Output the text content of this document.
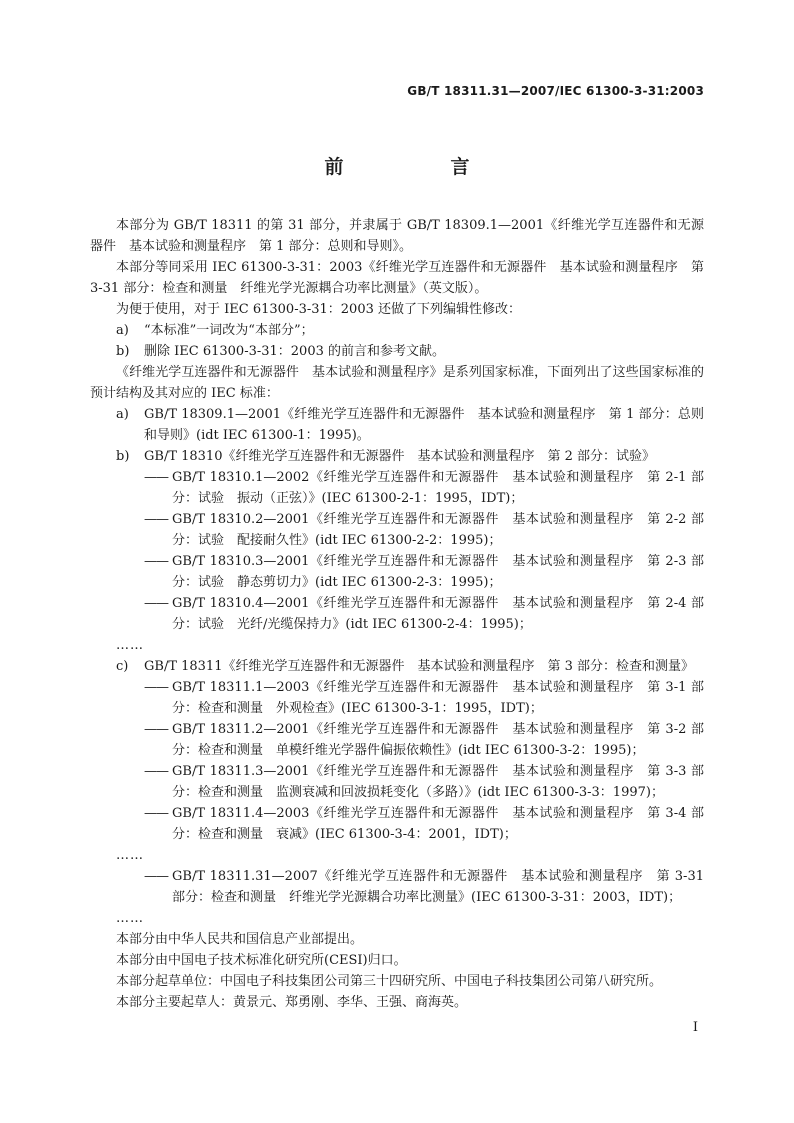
GB/T 18311.31—2007/IEC 61300-3-31:2003
前　言
本部分为 GB/T 18311 的第 31 部分，并隶属于 GB/T 18309.1—2001《纤维光学互连器件和无源器件　基本试验和测量程序　第 1 部分：总则和导则》。
本部分等同采用 IEC 61300-3-31：2003《纤维光学互连器件和无源器件　基本试验和测量程序　第 3-31 部分：检查和测量　纤维光学光源耦合功率比测量》（英文版）。
为便于使用，对于 IEC 61300-3-31：2003 还做了下列编辑性修改：
a)	“本标准”一词改为“本部分”；
b)	删除 IEC 61300-3-31：2003 的前言和参考文献。
《纤维光学互连器件和无源器件　基本试验和测量程序》是系列国家标准，下面列出了这些国家标准的预计结构及其对应的 IEC 标准：
a)	GB/T 18309.1—2001《纤维光学互连器件和无源器件　基本试验和测量程序　第 1 部分：总则和导则》(idt IEC 61300-1：1995)。
b)	GB/T 18310《纤维光学互连器件和无源器件　基本试验和测量程序　第 2 部分：试验》
—— GB/T 18310.1—2002《纤维光学互连器件和无源器件　基本试验和测量程序　第 2-1 部分：试验　振动（正弦）》(IEC 61300-2-1：1995，IDT)；
—— GB/T 18310.2—2001《纤维光学互连器件和无源器件　基本试验和测量程序　第 2-2 部分：试验　配接耐久性》(idt IEC 61300-2-2：1995)；
—— GB/T 18310.3—2001《纤维光学互连器件和无源器件　基本试验和测量程序　第 2-3 部分：试验　静态剪切力》(idt IEC 61300-2-3：1995)；
—— GB/T 18310.4—2001《纤维光学互连器件和无源器件　基本试验和测量程序　第 2-4 部分：试验　光纤/光缆保持力》(idt IEC 61300-2-4：1995)；
……
c)	GB/T 18311《纤维光学互连器件和无源器件　基本试验和测量程序　第 3 部分：检查和测量》
—— GB/T 18311.1—2003《纤维光学互连器件和无源器件　基本试验和测量程序　第 3-1 部分：检查和测量　外观检查》(IEC 61300-3-1：1995，IDT)；
—— GB/T 18311.2—2001《纤维光学互连器件和无源器件　基本试验和测量程序　第 3-2 部分：检查和测量　单模纤维光学器件偏振依赖性》(idt IEC 61300-3-2：1995)；
—— GB/T 18311.3—2001《纤维光学互连器件和无源器件　基本试验和测量程序　第 3-3 部分：检查和测量　监测衰减和回波损耗变化（多路）》(idt IEC 61300-3-3：1997)；
—— GB/T 18311.4—2003《纤维光学互连器件和无源器件　基本试验和测量程序　第 3-4 部分：检查和测量　衰减》(IEC 61300-3-4：2001，IDT)；
……
—— GB/T 18311.31—2007《纤维光学互连器件和无源器件　基本试验和测量程序　第 3-31 部分：检查和测量　纤维光学光源耦合功率比测量》(IEC 61300-3-31：2003，IDT)；
……
本部分由中华人民共和国信息产业部提出。
本部分由中国电子技术标准化研究所(CESI)归口。
本部分起草单位：中国电子科技集团公司第三十四研究所、中国电子科技集团公司第八研究所。
本部分主要起草人：黄景元、郑勇刚、李华、王强、商海英。
I
